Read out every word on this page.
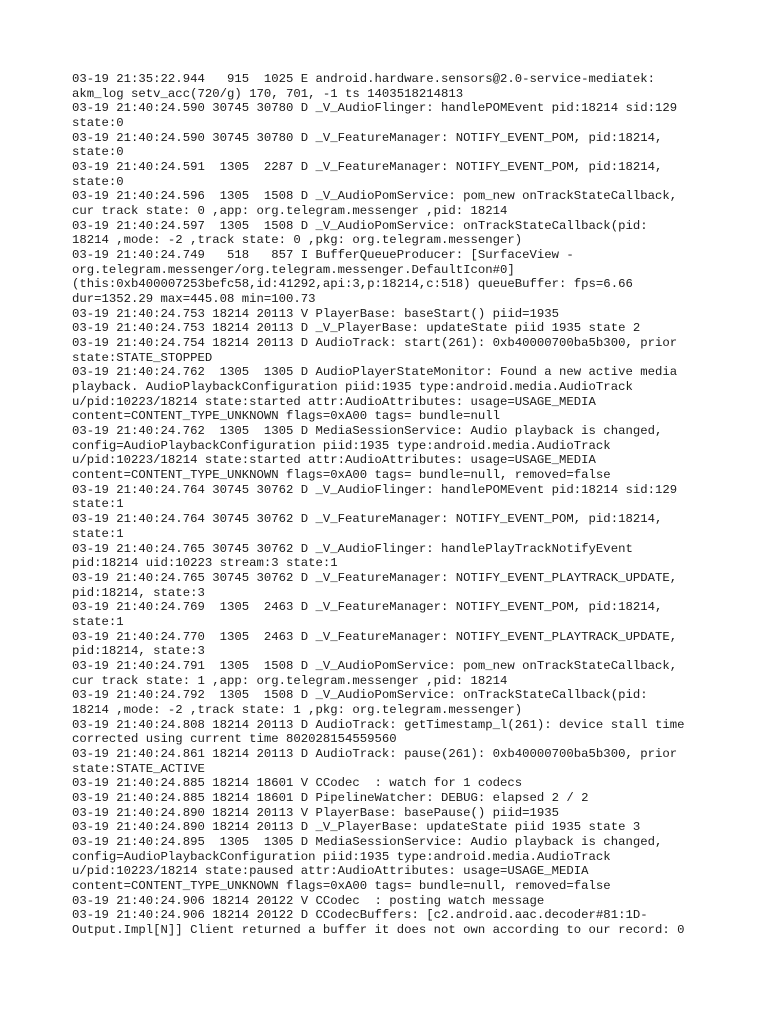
03-19 21:35:22.944   915  1025 E android.hardware.sensors@2.0-service-mediatek:
akm_log setv_acc(720/g) 170, 701, -1 ts 1403518214813
03-19 21:40:24.590 30745 30780 D _V_AudioFlinger: handlePOMEvent pid:18214 sid:129
state:0
03-19 21:40:24.590 30745 30780 D _V_FeatureManager: NOTIFY_EVENT_POM, pid:18214,
state:0
03-19 21:40:24.591  1305  2287 D _V_FeatureManager: NOTIFY_EVENT_POM, pid:18214,
state:0
03-19 21:40:24.596  1305  1508 D _V_AudioPomService: pom_new onTrackStateCallback,
cur track state: 0 ,app: org.telegram.messenger ,pid: 18214
03-19 21:40:24.597  1305  1508 D _V_AudioPomService: onTrackStateCallback(pid:
18214 ,mode: -2 ,track state: 0 ,pkg: org.telegram.messenger)
03-19 21:40:24.749   518   857 I BufferQueueProducer: [SurfaceView -
org.telegram.messenger/org.telegram.messenger.DefaultIcon#0]
(this:0xb400007253befc58,id:41292,api:3,p:18214,c:518) queueBuffer: fps=6.66
dur=1352.29 max=445.08 min=100.73
03-19 21:40:24.753 18214 20113 V PlayerBase: baseStart() piid=1935
03-19 21:40:24.753 18214 20113 D _V_PlayerBase: updateState piid 1935 state 2
03-19 21:40:24.754 18214 20113 D AudioTrack: start(261): 0xb40000700ba5b300, prior
state:STATE_STOPPED
03-19 21:40:24.762  1305  1305 D AudioPlayerStateMonitor: Found a new active media
playback. AudioPlaybackConfiguration piid:1935 type:android.media.AudioTrack
u/pid:10223/18214 state:started attr:AudioAttributes: usage=USAGE_MEDIA
content=CONTENT_TYPE_UNKNOWN flags=0xA00 tags= bundle=null
03-19 21:40:24.762  1305  1305 D MediaSessionService: Audio playback is changed,
config=AudioPlaybackConfiguration piid:1935 type:android.media.AudioTrack
u/pid:10223/18214 state:started attr:AudioAttributes: usage=USAGE_MEDIA
content=CONTENT_TYPE_UNKNOWN flags=0xA00 tags= bundle=null, removed=false
03-19 21:40:24.764 30745 30762 D _V_AudioFlinger: handlePOMEvent pid:18214 sid:129
state:1
03-19 21:40:24.764 30745 30762 D _V_FeatureManager: NOTIFY_EVENT_POM, pid:18214,
state:1
03-19 21:40:24.765 30745 30762 D _V_AudioFlinger: handlePlayTrackNotifyEvent
pid:18214 uid:10223 stream:3 state:1
03-19 21:40:24.765 30745 30762 D _V_FeatureManager: NOTIFY_EVENT_PLAYTRACK_UPDATE,
pid:18214, state:3
03-19 21:40:24.769  1305  2463 D _V_FeatureManager: NOTIFY_EVENT_POM, pid:18214,
state:1
03-19 21:40:24.770  1305  2463 D _V_FeatureManager: NOTIFY_EVENT_PLAYTRACK_UPDATE,
pid:18214, state:3
03-19 21:40:24.791  1305  1508 D _V_AudioPomService: pom_new onTrackStateCallback,
cur track state: 1 ,app: org.telegram.messenger ,pid: 18214
03-19 21:40:24.792  1305  1508 D _V_AudioPomService: onTrackStateCallback(pid:
18214 ,mode: -2 ,track state: 1 ,pkg: org.telegram.messenger)
03-19 21:40:24.808 18214 20113 D AudioTrack: getTimestamp_l(261): device stall time
corrected using current time 802028154559560
03-19 21:40:24.861 18214 20113 D AudioTrack: pause(261): 0xb40000700ba5b300, prior
state:STATE_ACTIVE
03-19 21:40:24.885 18214 18601 V CCodec  : watch for 1 codecs
03-19 21:40:24.885 18214 18601 D PipelineWatcher: DEBUG: elapsed 2 / 2
03-19 21:40:24.890 18214 20113 V PlayerBase: basePause() piid=1935
03-19 21:40:24.890 18214 20113 D _V_PlayerBase: updateState piid 1935 state 3
03-19 21:40:24.895  1305  1305 D MediaSessionService: Audio playback is changed,
config=AudioPlaybackConfiguration piid:1935 type:android.media.AudioTrack
u/pid:10223/18214 state:paused attr:AudioAttributes: usage=USAGE_MEDIA
content=CONTENT_TYPE_UNKNOWN flags=0xA00 tags= bundle=null, removed=false
03-19 21:40:24.906 18214 20122 V CCodec  : posting watch message
03-19 21:40:24.906 18214 20122 D CCodecBuffers: [c2.android.aac.decoder#81:1D-
Output.Impl[N]] Client returned a buffer it does not own according to our record: 0
